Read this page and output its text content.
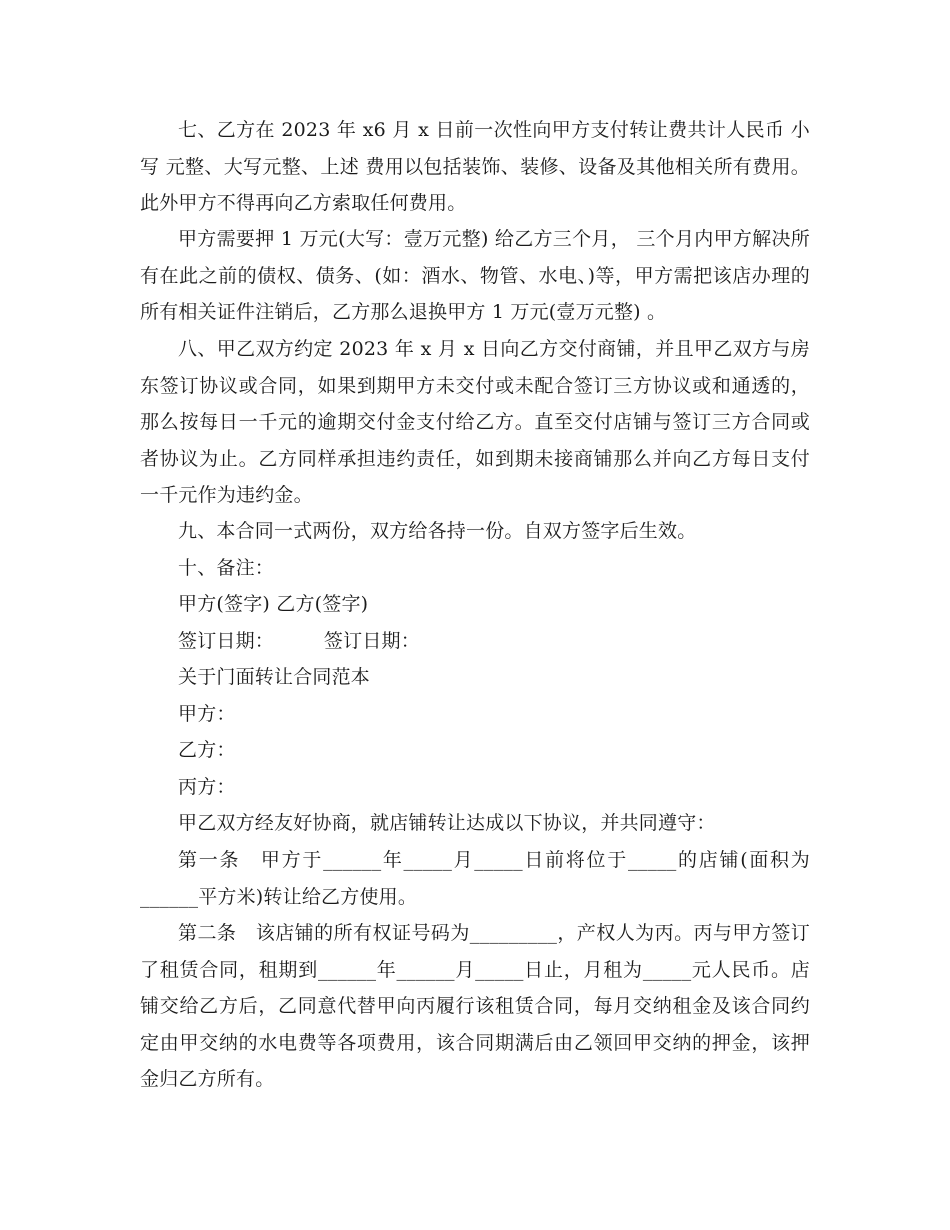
七、乙方在 2023 年 x6 月 x 日前一次性向甲方支付转让费共计人民币 小写 元整、大写元整、上述 费用以包括装饰、装修、设备及其他相关所有费用。此外甲方不得再向乙方索取任何费用。

甲方需要押 1 万元(大写：壹万元整) 给乙方三个月， 三个月内甲方解决所有在此之前的债权、债务、(如：酒水、物管、水电、)等，甲方需把该店办理的所有相关证件注销后，乙方那么退换甲方 1 万元(壹万元整) 。

八、甲乙双方约定 2023 年 x 月 x 日向乙方交付商铺，并且甲乙双方与房东签订协议或合同，如果到期甲方未交付或未配合签订三方协议或和通透的，那么按每日一千元的逾期交付金支付给乙方。直至交付店铺与签订三方合同或者协议为止。乙方同样承担违约责任，如到期未接商铺那么并向乙方每日支付一千元作为违约金。

九、本合同一式两份，双方给各持一份。自双方签字后生效。

十、备注：

甲方(签字) 乙方(签字)

签订日期：        签订日期：

关于门面转让合同范本

甲方：

乙方：

丙方：

甲乙双方经友好协商，就店铺转让达成以下协议，并共同遵守：

第一条　甲方于______年_____月_____日前将位于_____的店铺(面积为______平方米)转让给乙方使用。

第二条　该店铺的所有权证号码为_________，产权人为丙。丙与甲方签订了租赁合同，租期到______年______月_____日止，月租为_____元人民币。店铺交给乙方后，乙同意代替甲向丙履行该租赁合同，每月交纳租金及该合同约定由甲交纳的水电费等各项费用，该合同期满后由乙领回甲交纳的押金，该押金归乙方所有。
